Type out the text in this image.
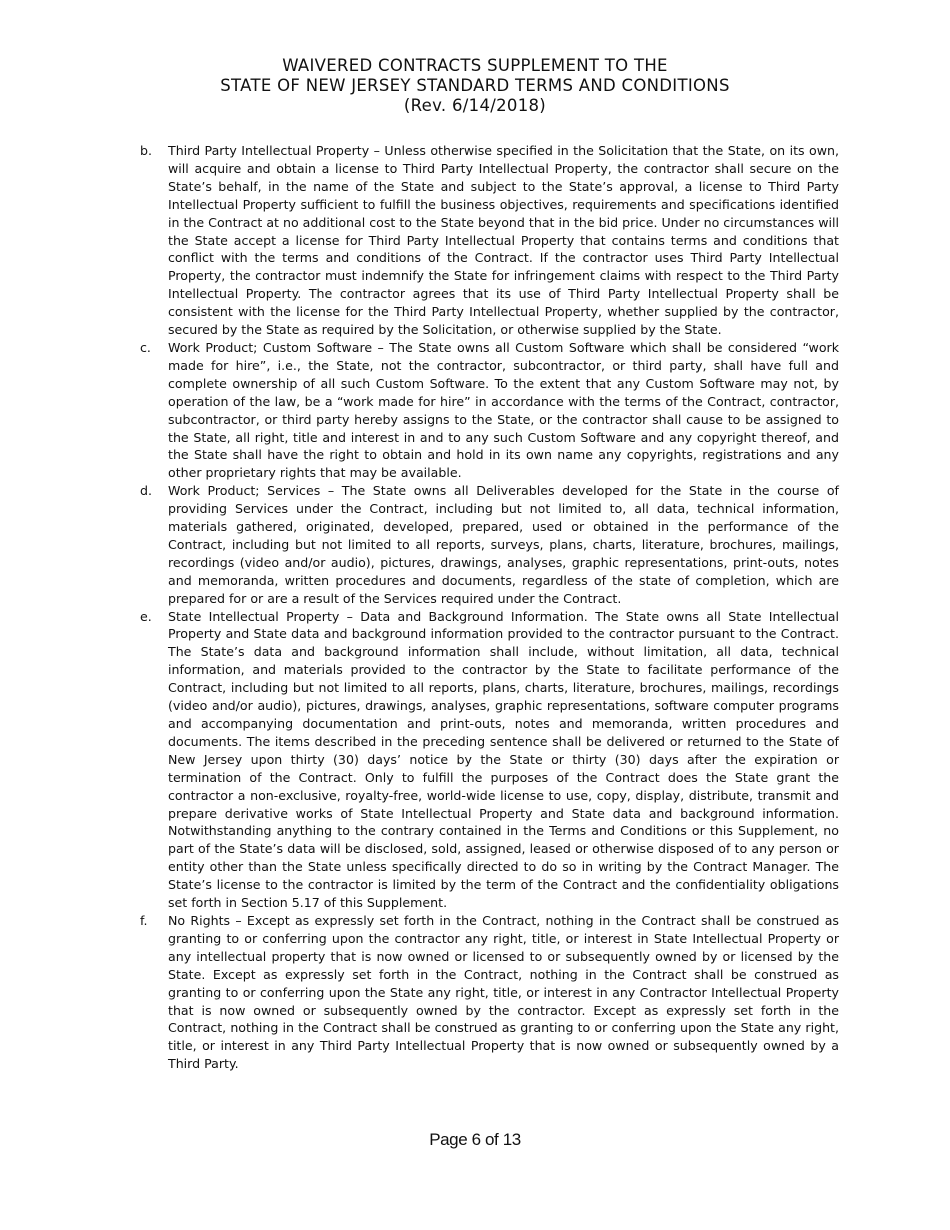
WAIVERED CONTRACTS SUPPLEMENT TO THE
STATE OF NEW JERSEY STANDARD TERMS AND CONDITIONS
(Rev. 6/14/2018)
b.	Third Party Intellectual Property – Unless otherwise specified in the Solicitation that the State, on its own, will acquire and obtain a license to Third Party Intellectual Property, the contractor shall secure on the State’s behalf, in the name of the State and subject to the State’s approval, a license to Third Party Intellectual Property sufficient to fulfill the business objectives, requirements and specifications identified in the Contract at no additional cost to the State beyond that in the bid price. Under no circumstances will the State accept a license for Third Party Intellectual Property that contains terms and conditions that conflict with the terms and conditions of the Contract. If the contractor uses Third Party Intellectual Property, the contractor must indemnify the State for infringement claims with respect to the Third Party Intellectual Property. The contractor agrees that its use of Third Party Intellectual Property shall be consistent with the license for the Third Party Intellectual Property, whether supplied by the contractor, secured by the State as required by the Solicitation, or otherwise supplied by the State.
c.	Work Product; Custom Software – The State owns all Custom Software which shall be considered “work made for hire”, i.e., the State, not the contractor, subcontractor, or third party, shall have full and complete ownership of all such Custom Software. To the extent that any Custom Software may not, by operation of the law, be a “work made for hire” in accordance with the terms of the Contract, contractor, subcontractor, or third party hereby assigns to the State, or the contractor shall cause to be assigned to the State, all right, title and interest in and to any such Custom Software and any copyright thereof, and the State shall have the right to obtain and hold in its own name any copyrights, registrations and any other proprietary rights that may be available.
d.	Work Product; Services – The State owns all Deliverables developed for the State in the course of providing Services under the Contract, including but not limited to, all data, technical information, materials gathered, originated, developed, prepared, used or obtained in the performance of the Contract, including but not limited to all reports, surveys, plans, charts, literature, brochures, mailings, recordings (video and/or audio), pictures, drawings, analyses, graphic representations, print-outs, notes and memoranda, written procedures and documents, regardless of the state of completion, which are prepared for or are a result of the Services required under the Contract.
e.	State Intellectual Property – Data and Background Information. The State owns all State Intellectual Property and State data and background information provided to the contractor pursuant to the Contract. The State’s data and background information shall include, without limitation, all data, technical information, and materials provided to the contractor by the State to facilitate performance of the Contract, including but not limited to all reports, plans, charts, literature, brochures, mailings, recordings (video and/or audio), pictures, drawings, analyses, graphic representations, software computer programs and accompanying documentation and print-outs, notes and memoranda, written procedures and documents. The items described in the preceding sentence shall be delivered or returned to the State of New Jersey upon thirty (30) days’ notice by the State or thirty (30) days after the expiration or termination of the Contract. Only to fulfill the purposes of the Contract does the State grant the contractor a non-exclusive, royalty-free, world-wide license to use, copy, display, distribute, transmit and prepare derivative works of State Intellectual Property and State data and background information. Notwithstanding anything to the contrary contained in the Terms and Conditions or this Supplement, no part of the State’s data will be disclosed, sold, assigned, leased or otherwise disposed of to any person or entity other than the State unless specifically directed to do so in writing by the Contract Manager. The State’s license to the contractor is limited by the term of the Contract and the confidentiality obligations set forth in Section 5.17 of this Supplement.
f.	No Rights – Except as expressly set forth in the Contract, nothing in the Contract shall be construed as granting to or conferring upon the contractor any right, title, or interest in State Intellectual Property or any intellectual property that is now owned or licensed to or subsequently owned by or licensed by the State. Except as expressly set forth in the Contract, nothing in the Contract shall be construed as granting to or conferring upon the State any right, title, or interest in any Contractor Intellectual Property that is now owned or subsequently owned by the contractor. Except as expressly set forth in the Contract, nothing in the Contract shall be construed as granting to or conferring upon the State any right, title, or interest in any Third Party Intellectual Property that is now owned or subsequently owned by a Third Party.
Page 6 of 13
